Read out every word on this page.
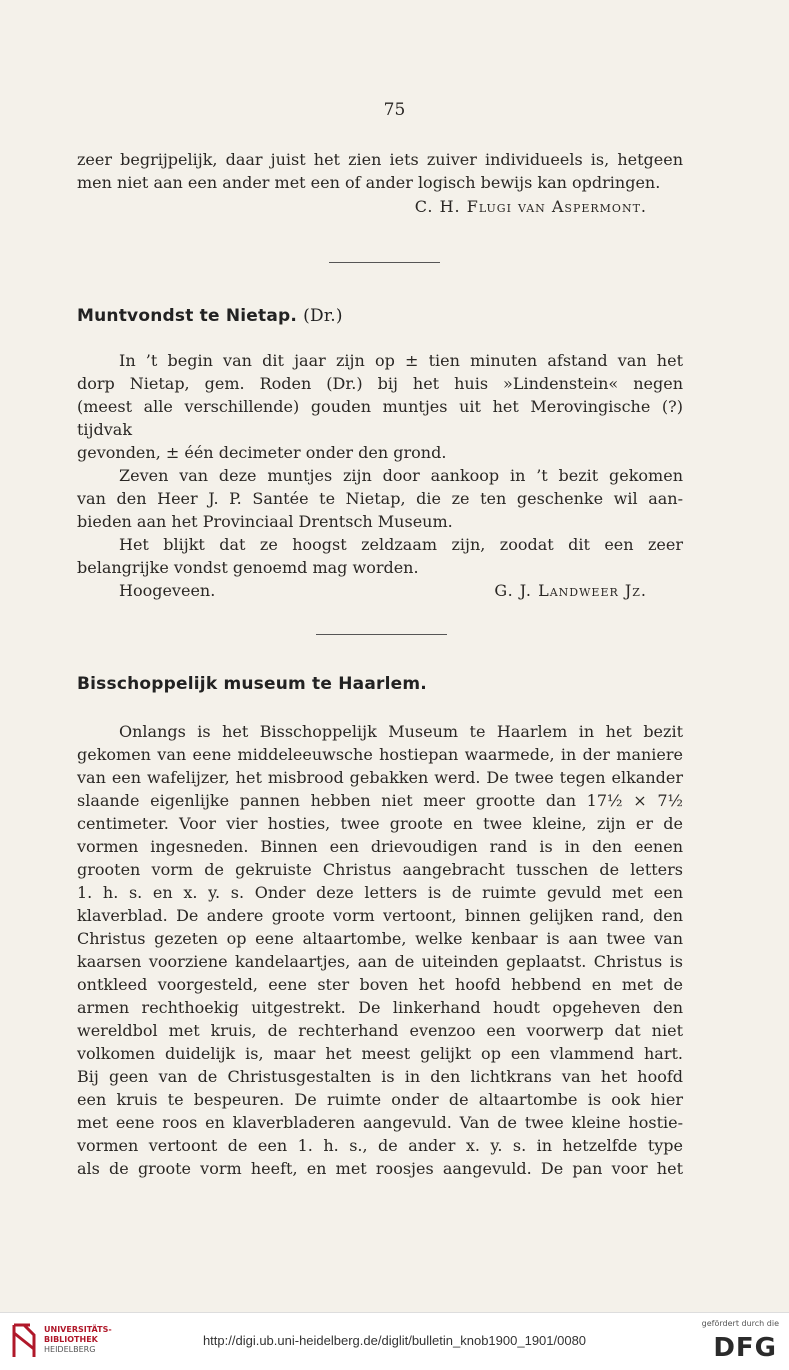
75

zeer begrijpelijk, daar juist het zien iets zuiver individueels is, hetgeen

men niet aan een ander met een of ander logisch bewijs kan opdringen.

C. H. Flugi van Aspermont.
Muntvondst te Nietap. (Dr.)

In ’t begin van dit jaar zijn op ± tien minuten afstand van het

dorp Nietap, gem. Roden (Dr.) bij het huis »Lindenstein« negen

(meest alle verschillende) gouden muntjes uit het Merovingische (?) tijdvak

gevonden, ± één decimeter onder den grond.

Zeven van deze muntjes zijn door aankoop in ’t bezit gekomen

van den Heer J. P. Santée te Nietap, die ze ten geschenke wil aan-

bieden aan het Provinciaal Drentsch Museum.

Het blijkt dat ze hoogst zeldzaam zijn, zoodat dit een zeer

belangrijke vondst genoemd mag worden.

Hoogeveen.	G. J. Landweer Jz.
Bisschoppelijk museum te Haarlem.

Onlangs is het Bisschoppelijk Museum te Haarlem in het bezit

gekomen van eene middeleeuwsche hostiepan waarmede, in der maniere

van een wafelijzer, het misbrood gebakken werd. De twee tegen elkander

slaande eigenlijke pannen hebben niet meer grootte dan 17½ × 7½

centimeter. Voor vier hosties, twee groote en twee kleine, zijn er de

vormen ingesneden. Binnen een drievoudigen rand is in den eenen

grooten vorm de gekruiste Christus aangebracht tusschen de letters

1. h. s. en x. y. s. Onder deze letters is de ruimte gevuld met een

klaverblad. De andere groote vorm vertoont, binnen gelijken rand, den

Christus gezeten op eene altaartombe, welke kenbaar is aan twee van

kaarsen voorziene kandelaartjes, aan de uiteinden geplaatst. Christus is

ontkleed voorgesteld, eene ster boven het hoofd hebbend en met de

armen rechthoekig uitgestrekt. De linkerhand houdt opgeheven den

wereldbol met kruis, de rechterhand evenzoo een voorwerp dat niet

volkomen duidelijk is, maar het meest gelijkt op een vlammend hart.

Bij geen van de Christusgestalten is in den lichtkrans van het hoofd

een kruis te bespeuren. De ruimte onder de altaartombe is ook hier

met eene roos en klaverbladeren aangevuld. Van de twee kleine hostie-

vormen vertoont de een 1. h. s., de ander x. y. s. in hetzelfde type

als de groote vorm heeft, en met roosjes aangevuld. De pan voor het

UNIVERSITÄTS-
BIBLIOTHEK
HEIDELBERG
http://digi.ub.uni-heidelberg.de/diglit/bulletin_knob1900_1901/0080
gefördert durch die
DFG
